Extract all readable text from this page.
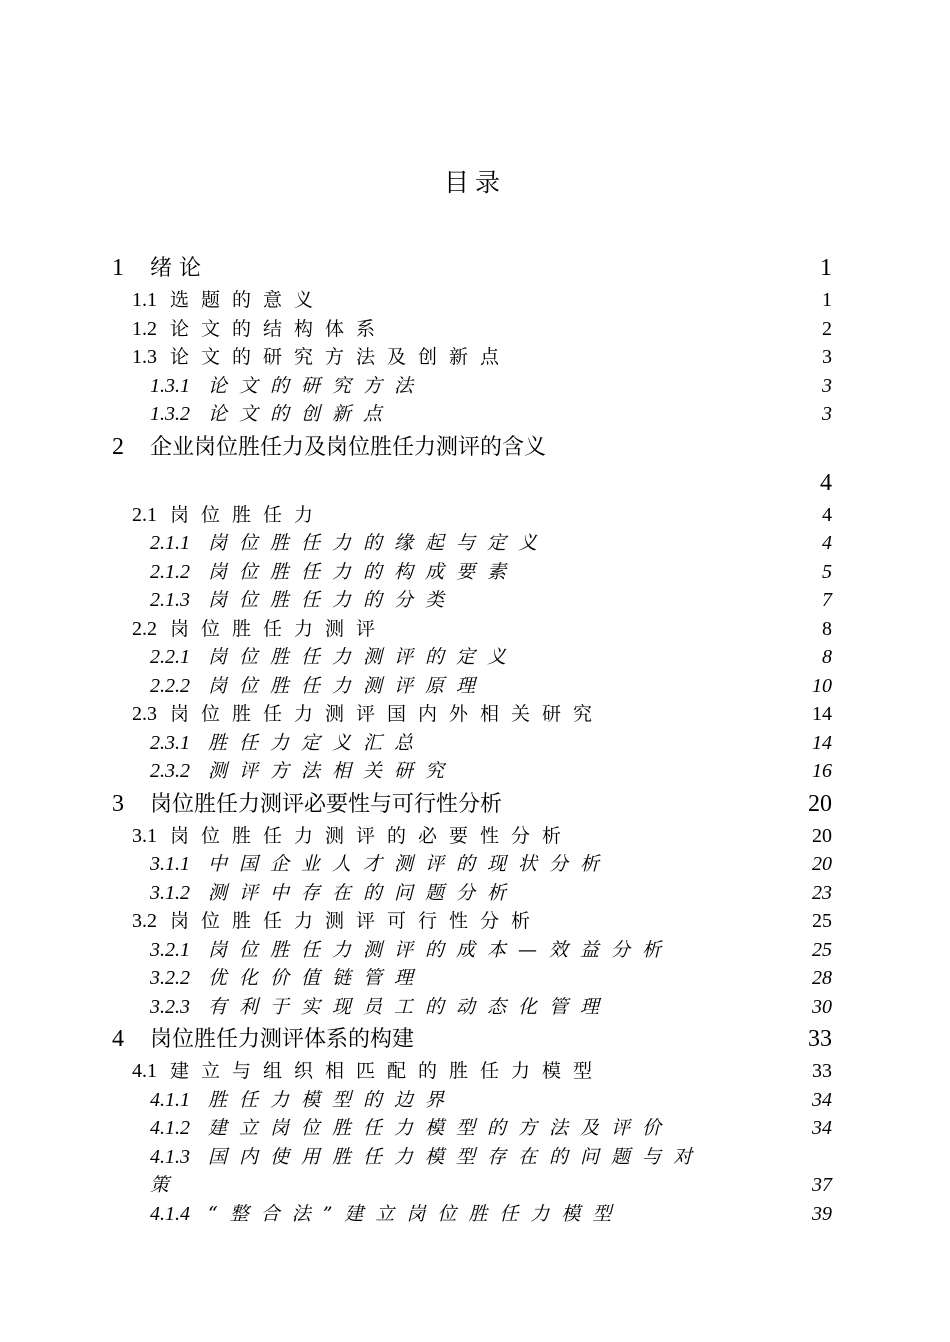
目录
1	绪 论	1
1.1 选题的意义	1
1.2 论文的结构体系	2
1.3 论文的研究方法及创新点	3
1.3.1 论文的研究方法	3
1.3.2 论文的创新点	3
2	企业岗位胜任力及岗位胜任力测评的含义
4
2.1 岗位胜任力	4
2.1.1 岗位胜任力的缘起与定义	4
2.1.2 岗位胜任力的构成要素	5
2.1.3 岗位胜任力的分类	7
2.2 岗位胜任力测评	8
2.2.1 岗位胜任力测评的定义	8
2.2.2 岗位胜任力测评原理	10
2.3 岗位胜任力测评国内外相关研究	14
2.3.1 胜任力定义汇总	14
2.3.2 测评方法相关研究	16
3	岗位胜任力测评必要性与可行性分析	20
3.1 岗位胜任力测评的必要性分析	20
3.1.1 中国企业人才测评的现状分析	20
3.1.2 测评中存在的问题分析	23
3.2 岗位胜任力测评可行性分析	25
3.2.1 岗位胜任力测评的成本—效益分析	25
3.2.2 优化价值链管理	28
3.2.3 有利于实现员工的动态化管理	30
4	岗位胜任力测评体系的构建	33
4.1 建立与组织相匹配的胜任力模型	33
4.1.1 胜任力模型的边界	34
4.1.2 建立岗位胜任力模型的方法及评价	34
4.1.3 国内使用胜任力模型存在的问题与对
策	37
4.1.4 “整合法”建立岗位胜任力模型	39
